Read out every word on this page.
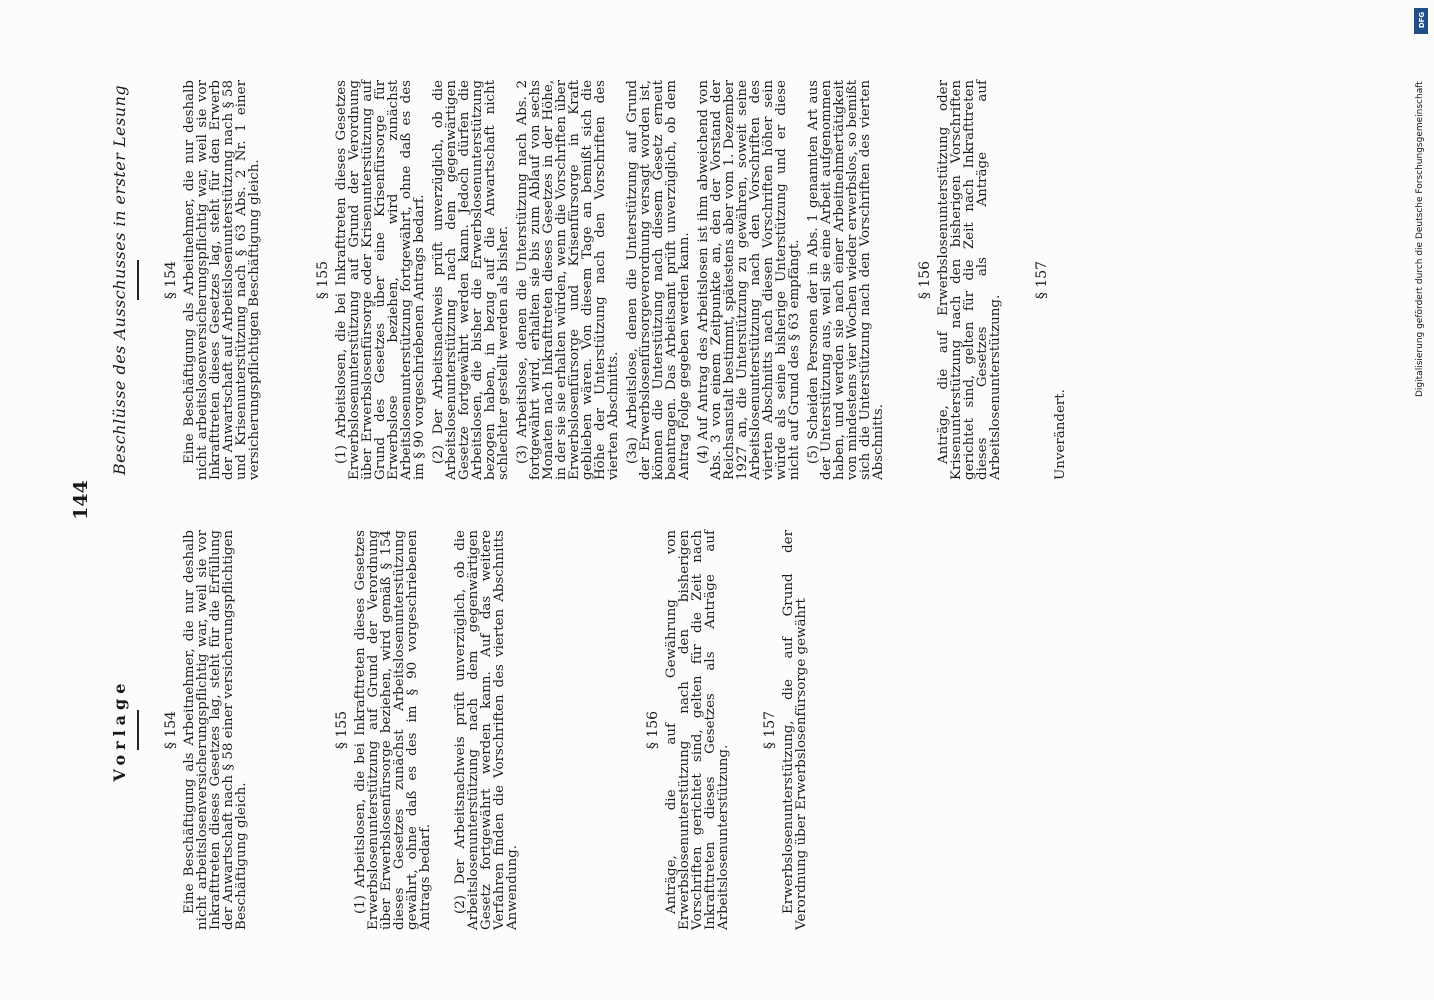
144
Vorlage § 154 Eine Beschäftigung als Arbeitnehmer, die nur deshalb nicht arbeitslosenversicherungspflichtig war, weil sie vor Inkrafttreten dieses Gesetzes lag, steht für die Erfüllung der Anwartschaft nach § 58 einer versicherungspflichtigen Beschäftigung gleich.

§ 155 (1) Arbeitslosen, die bei Inkrafttreten dieses Gesetzes Erwerbslosenunterstützung auf Grund der Verordnung über Erwerbslosenfürsorge beziehen, wird gemäß § 154 dieses Gesetzes zunächst Arbeitslosenunterstützung gewährt, ohne daß es des im § 90 vorgeschriebenen Antrags bedarf. (2) Der Arbeitsnachweis prüft unverzüglich, ob die Arbeitslosenunterstützung nach dem gegenwärtigen Gesetz fortgewährt werden kann. Auf das weitere Verfahren finden die Vorschriften des vierten Abschnitts Anwendung.

§ 156 Anträge, die auf Gewährung von Erwerbslosenunterstützung nach den bisherigen Vorschriften gerichtet sind, gelten für die Zeit nach Inkrafttreten dieses Gesetzes als Anträge auf Arbeitslosenunterstützung.

§ 157 Erwerbslosenunterstützung, die auf Grund der Verordnung über Erwerbslosenfürsorge gewährt

Beschlüsse des Ausschusses in erster Lesung § 154 Eine Beschäftigung als Arbeitnehmer, die nur deshalb nicht arbeitslosenversicherungspflichtig war, weil sie vor Inkrafttreten dieses Gesetzes lag, steht für den Erwerb der Anwartschaft auf Arbeitslosenunterstützung nach § 58 und Krisenunterstützung nach § 63 Abs. 2 Nr. 1 einer versicherungspflichtigen Beschäftigung gleich.	§ 155 (1) Arbeitslosen, die bei Inkrafttreten dieses Gesetzes Erwerbslosenunterstützung auf Grund der Verordnung über Erwerbslosenfürsorge oder Krisenunterstützung auf Grund des Gesetzes über eine Krisenfürsorge für Erwerbslose beziehen, wird zunächst Arbeitslosenunterstützung fortgewährt, ohne daß es des im § 90 vorgeschriebenen Antrags bedarf. (2) Der Arbeitsnachweis prüft unverzüglich, ob die Arbeitslosenunterstützung nach dem gegenwärtigen Gesetze fortgewährt werden kann. Jedoch dürfen die Arbeitslosen, die bisher die Erwerbslosenunterstützung bezogen haben, in bezug auf die Anwartschaft nicht schlechter gestellt werden als bisher. (3) Arbeitslose, denen die Unterstützung nach Abs. 2 fortgewährt wird, erhalten sie bis zum Ablauf von sechs Monaten nach Inkrafttreten dieses Gesetzes in der Höhe, in der sie sie erhalten würden, wenn die Vorschriften über Erwerbslosenfürsorge und Krisenfürsorge in Kraft geblieben wären. Von diesem Tage an bemißt sich die Höhe der Unterstützung nach den Vorschriften des vierten Abschnitts. (3a) Arbeitslose, denen die Unterstützung auf Grund der Erwerbslosenfürsorgeverordnung versagt worden ist, können die Unterstützung nach diesem Gesetz erneut beantragen. Das Arbeitsamt prüft unverzüglich, ob dem Antrag Folge gegeben werden kann. (4) Auf Antrag des Arbeitslosen ist ihm abweichend von Abs. 3 von einem Zeitpunkte an, den der Vorstand der Reichsanstalt bestimmt, spätestens aber vom 1. Dezember 1927 an, die Unterstützung zu gewähren, soweit seine Arbeitslosenunterstützung nach den Vorschriften des vierten Abschnitts nach diesen Vorschriften höher sein würde als seine bisherige Unterstützung und er diese nicht auf Grund des § 63 empfängt. (5) Scheiden Personen der in Abs. 1 genannten Art aus der Unterstützung aus, weil sie eine Arbeit aufgenommen haben, und werden sie nach einer Arbeitnehmertätigkeit von mindestens vier Wochen wieder erwerbslos, so bemißt sich die Unterstützung nach den Vorschriften des vierten Abschnitts.

§ 156 Anträge, die auf Erwerbslosenunterstützung oder Krisenunterstützung nach den bisherigen Vorschriften gerichtet sind, gelten für die Zeit nach Inkrafttreten dieses Gesetzes als Anträge auf Arbeitslosenunterstützung.

§ 157

Unverändert.

DFG
Digitalisierung gefördert durch die Deutsche Forschungsgemeinschaft
